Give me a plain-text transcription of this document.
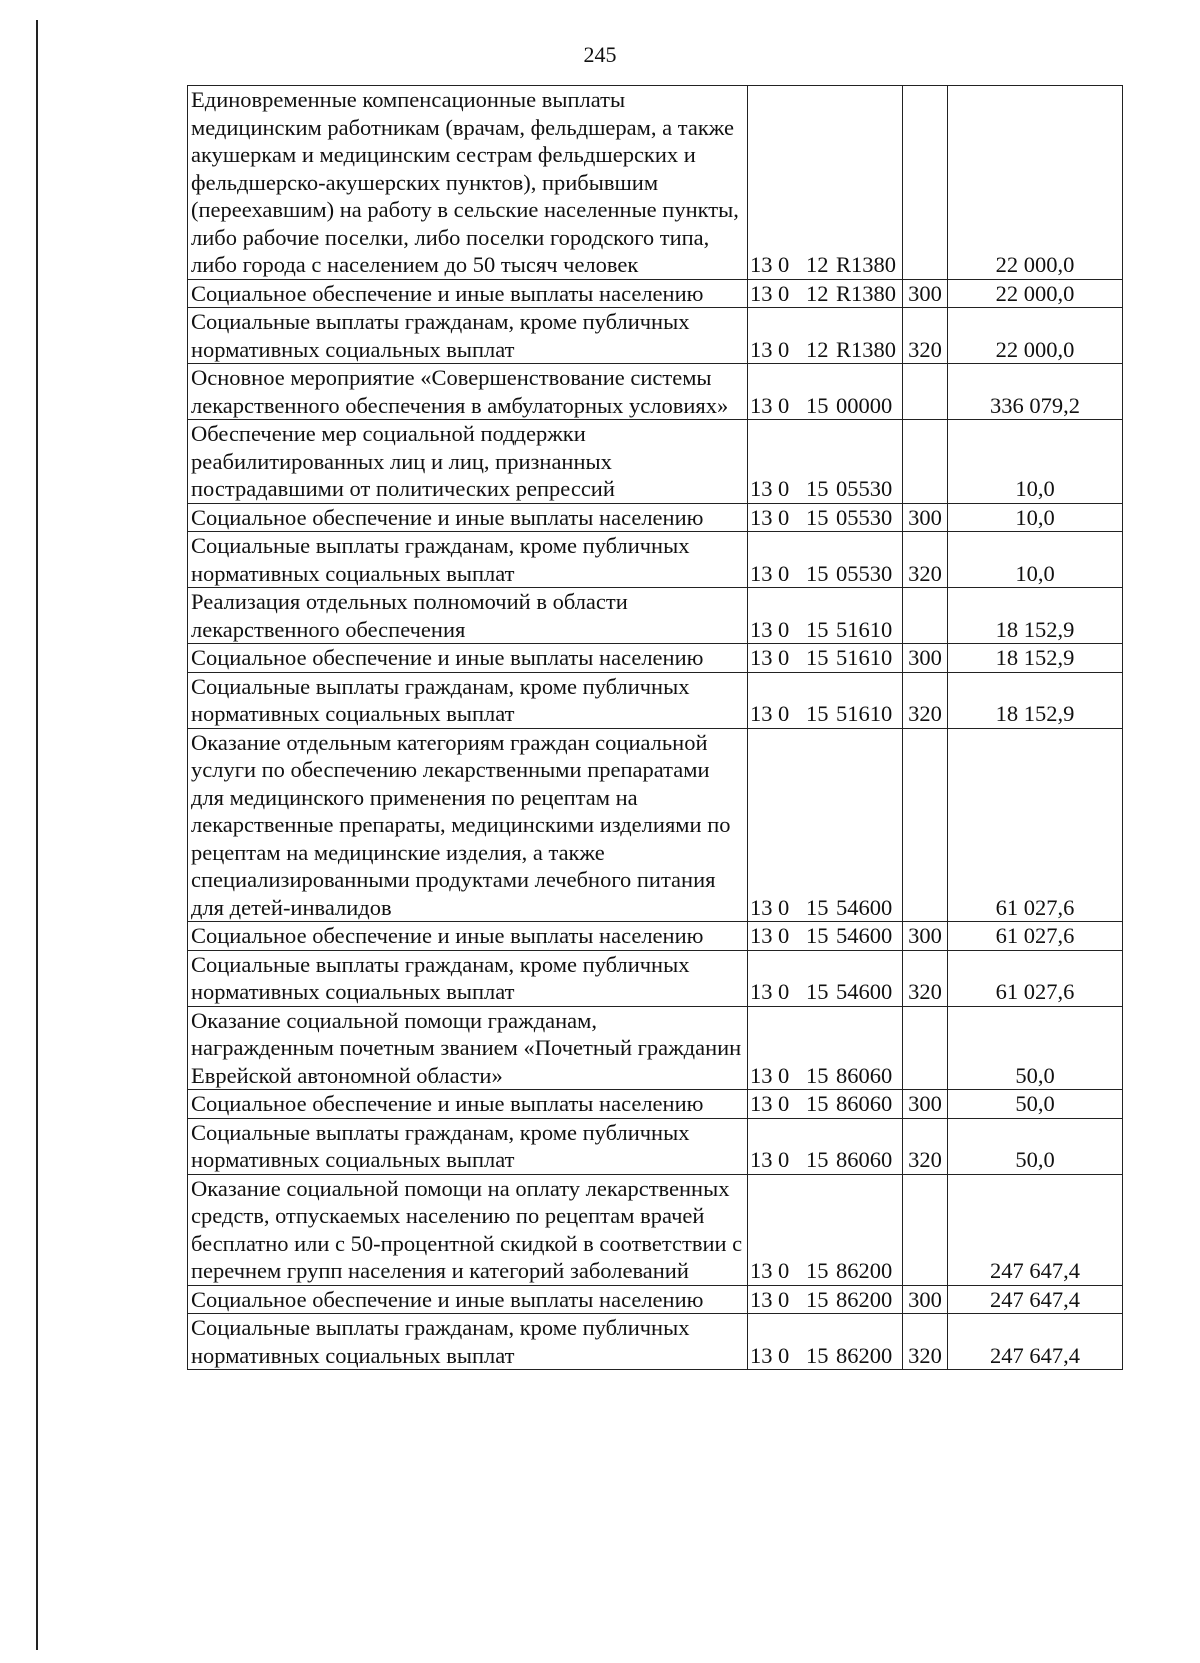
245
Единовременные компенсационные выплаты медицинским работникам (врачам, фельдшерам, а также акушеркам и медицинским сестрам фельдшерских и фельдшерско-акушерских пунктов), прибывшим (переехавшим) на работу в сельские населенные пункты, либо рабочие поселки, либо поселки городского типа, либо города с населением до 50 тысяч человек	13 0 12 R1380		22 000,0
Социальное обеспечение и иные выплаты населению	13 0 12 R1380	300	22 000,0
Социальные выплаты гражданам, кроме публичных нормативных социальных выплат	13 0 12 R1380	320	22 000,0
Основное мероприятие «Совершенствование системы лекарственного обеспечения в амбулаторных условиях»	13 0 15 00000		336 079,2
Обеспечение мер социальной поддержки реабилитированных лиц и лиц, признанных пострадавшими от политических репрессий	13 0 15 05530		10,0
Социальное обеспечение и иные выплаты населению	13 0 15 05530	300	10,0
Социальные выплаты гражданам, кроме публичных нормативных социальных выплат	13 0 15 05530	320	10,0
Реализация отдельных полномочий в области лекарственного обеспечения	13 0 15 51610		18 152,9
Социальное обеспечение и иные выплаты населению	13 0 15 51610	300	18 152,9
Социальные выплаты гражданам, кроме публичных нормативных социальных выплат	13 0 15 51610	320	18 152,9
Оказание отдельным категориям граждан социальной услуги по обеспечению лекарственными препаратами для медицинского применения по рецептам на лекарственные препараты, медицинскими изделиями по рецептам на медицинские изделия, а также специализированными продуктами лечебного питания для детей-инвалидов	13 0 15 54600		61 027,6
Социальное обеспечение и иные выплаты населению	13 0 15 54600	300	61 027,6
Социальные выплаты гражданам, кроме публичных нормативных социальных выплат	13 0 15 54600	320	61 027,6
Оказание социальной помощи гражданам, награжденным почетным званием «Почетный гражданин Еврейской автономной области»	13 0 15 86060		50,0
Социальное обеспечение и иные выплаты населению	13 0 15 86060	300	50,0
Социальные выплаты гражданам, кроме публичных нормативных социальных выплат	13 0 15 86060	320	50,0
Оказание социальной помощи на оплату лекарственных средств, отпускаемых населению по рецептам врачей бесплатно или с 50-процентной скидкой в соответствии с перечнем групп населения и категорий заболеваний	13 0 15 86200		247 647,4
Социальное обеспечение и иные выплаты населению	13 0 15 86200	300	247 647,4
Социальные выплаты гражданам, кроме публичных нормативных социальных выплат	13 0 15 86200	320	247 647,4
